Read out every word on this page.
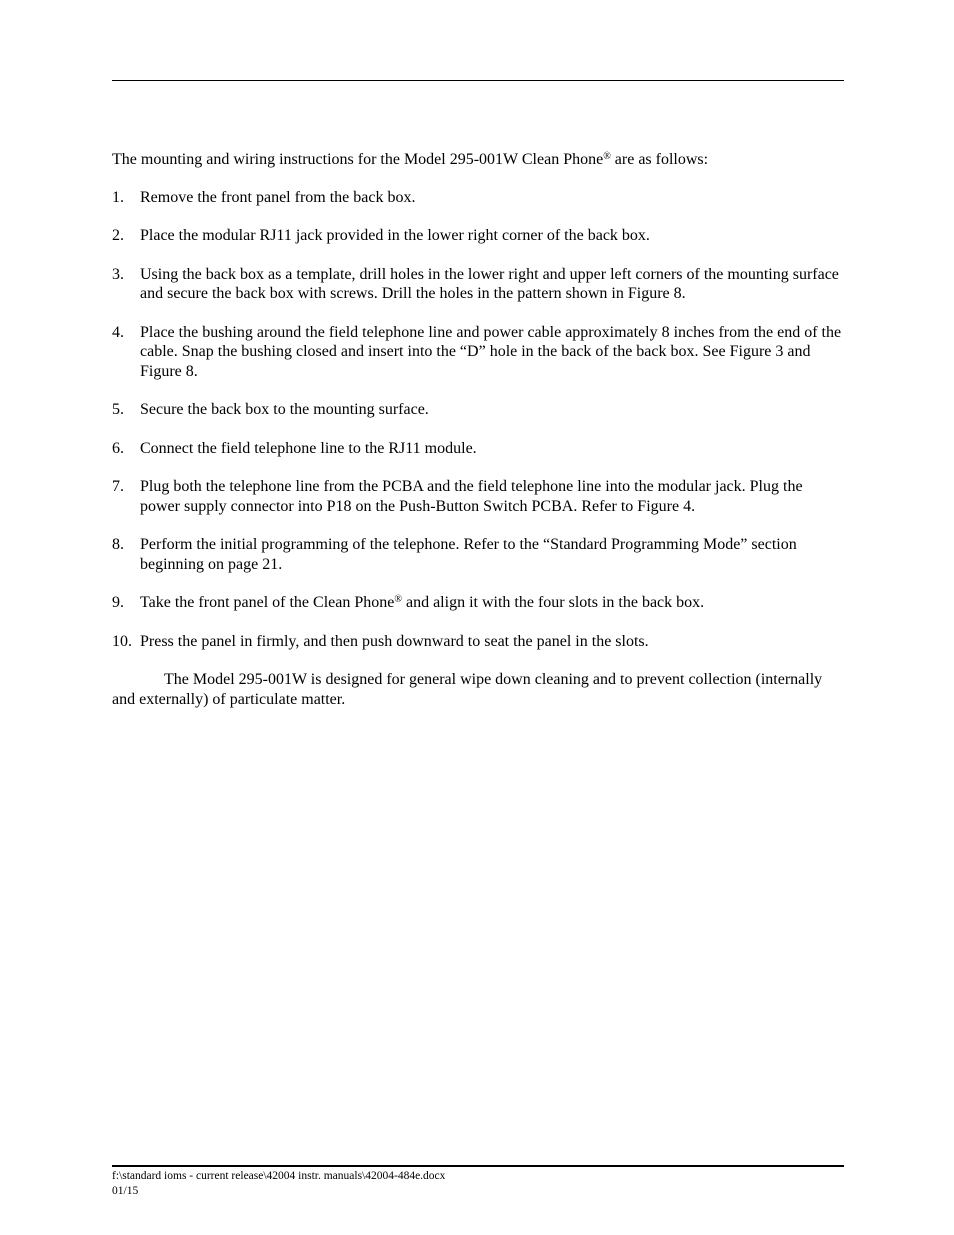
The mounting and wiring instructions for the Model 295-001W Clean Phone® are as follows:

1. Remove the front panel from the back box.
2. Place the modular RJ11 jack provided in the lower right corner of the back box.
3. Using the back box as a template, drill holes in the lower right and upper left corners of the mounting surface and secure the back box with screws. Drill the holes in the pattern shown in Figure 8.
4. Place the bushing around the field telephone line and power cable approximately 8 inches from the end of the cable. Snap the bushing closed and insert into the “D” hole in the back of the back box. See Figure 3 and Figure 8.
5. Secure the back box to the mounting surface.
6. Connect the field telephone line to the RJ11 module.
7. Plug both the telephone line from the PCBA and the field telephone line into the modular jack. Plug the power supply connector into P18 on the Push-Button Switch PCBA. Refer to Figure 4.
8. Perform the initial programming of the telephone. Refer to the “Standard Programming Mode” section beginning on page 21.
9. Take the front panel of the Clean Phone® and align it with the four slots in the back box.
10. Press the panel in firmly, and then push downward to seat the panel in the slots.

The Model 295-001W is designed for general wipe down cleaning and to prevent collection (internally and externally) of particulate matter.

f:\standard ioms - current release\42004 instr. manuals\42004-484e.docx
01/15
